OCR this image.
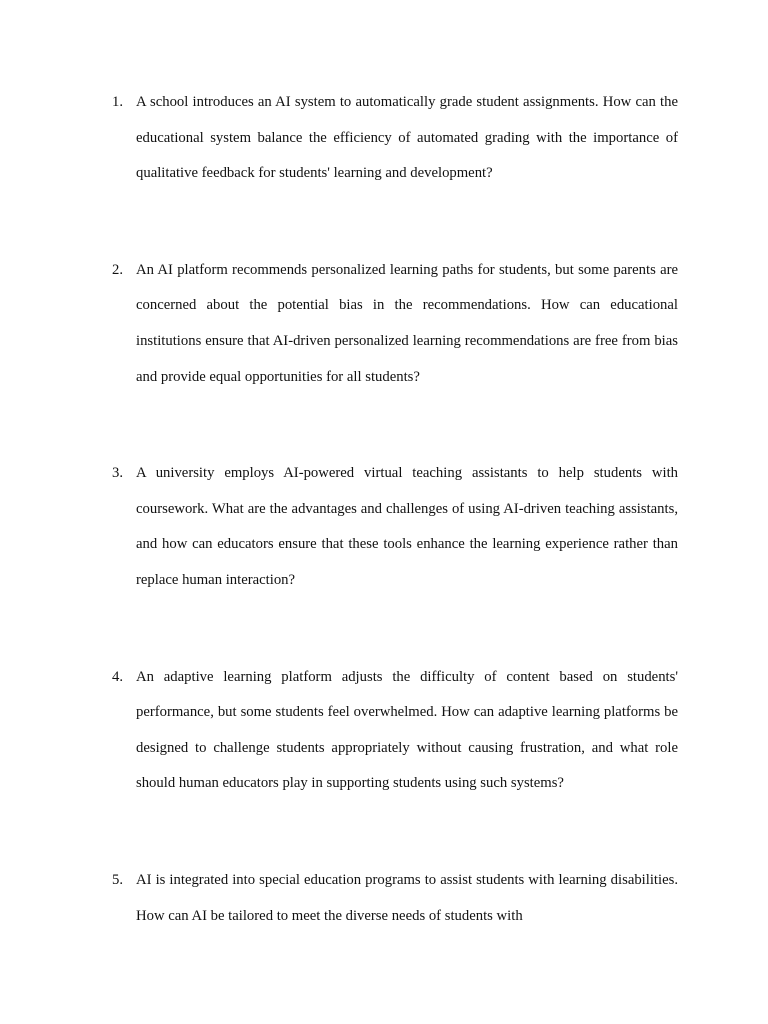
1. A school introduces an AI system to automatically grade student assignments. How can the educational system balance the efficiency of automated grading with the importance of qualitative feedback for students' learning and development?
2. An AI platform recommends personalized learning paths for students, but some parents are concerned about the potential bias in the recommendations. How can educational institutions ensure that AI-driven personalized learning recommendations are free from bias and provide equal opportunities for all students?
3. A university employs AI-powered virtual teaching assistants to help students with coursework. What are the advantages and challenges of using AI-driven teaching assistants, and how can educators ensure that these tools enhance the learning experience rather than replace human interaction?
4. An adaptive learning platform adjusts the difficulty of content based on students' performance, but some students feel overwhelmed. How can adaptive learning platforms be designed to challenge students appropriately without causing frustration, and what role should human educators play in supporting students using such systems?
5. AI is integrated into special education programs to assist students with learning disabilities. How can AI be tailored to meet the diverse needs of students with
